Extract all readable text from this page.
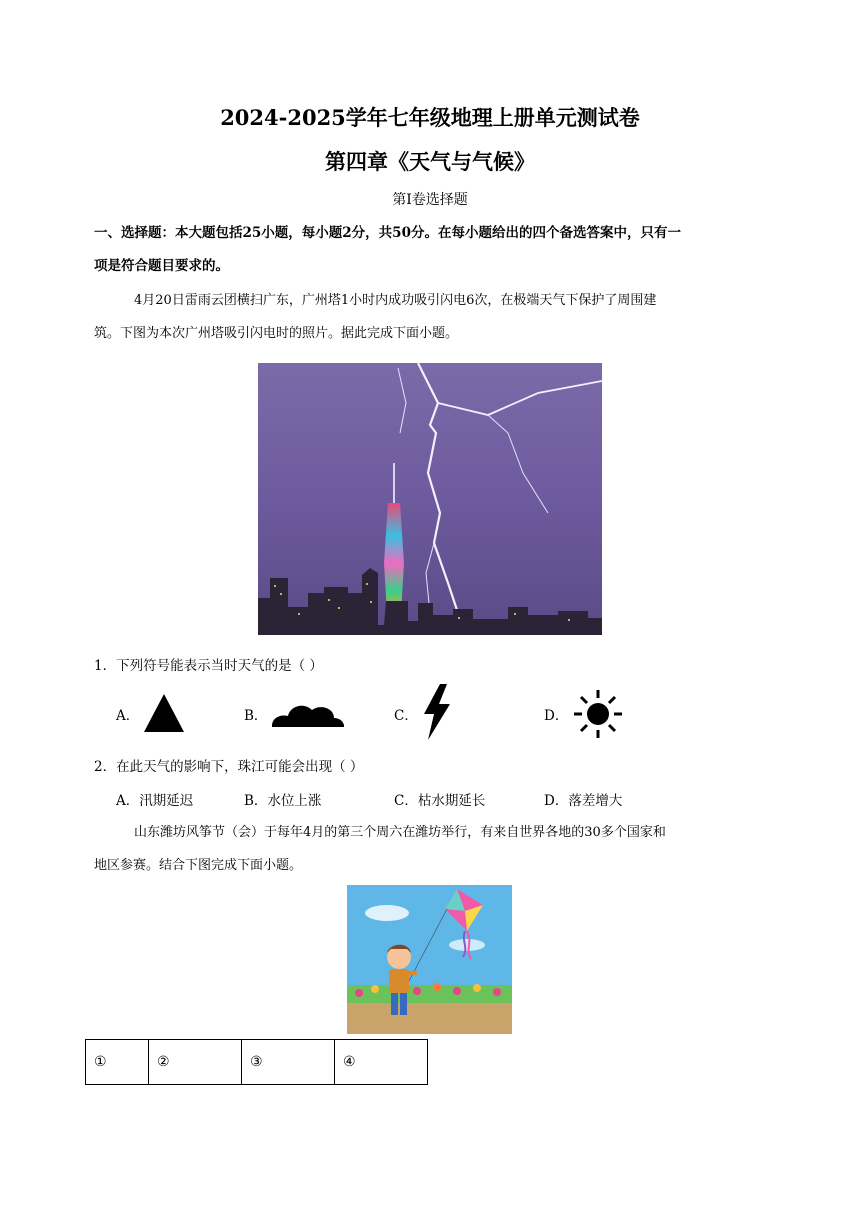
2024-2025学年七年级地理上册单元测试卷
第四章《天气与气候》
第Ⅰ卷选择题
一、选择题：本大题包括25小题，每小题2分，共50分。在每小题给出的四个备选答案中，只有一
项是符合题目要求的。
4月20日雷雨云团横扫广东，广州塔1小时内成功吸引闪电6次，在极端天气下保护了周围建
筑。下图为本次广州塔吸引闪电时的照片。据此完成下面小题。
1．下列符号能表示当时天气的是（ ）
A．	B．	C．	D．
2．在此天气的影响下，珠江可能会出现（ ）
A．汛期延迟	B．水位上涨	C．枯水期延长	D．落差增大
山东潍坊风筝节（会）于每年4月的第三个周六在潍坊举行，有来自世界各地的30多个国家和
地区参赛。结合下图完成下面小题。
①	②	③	④
